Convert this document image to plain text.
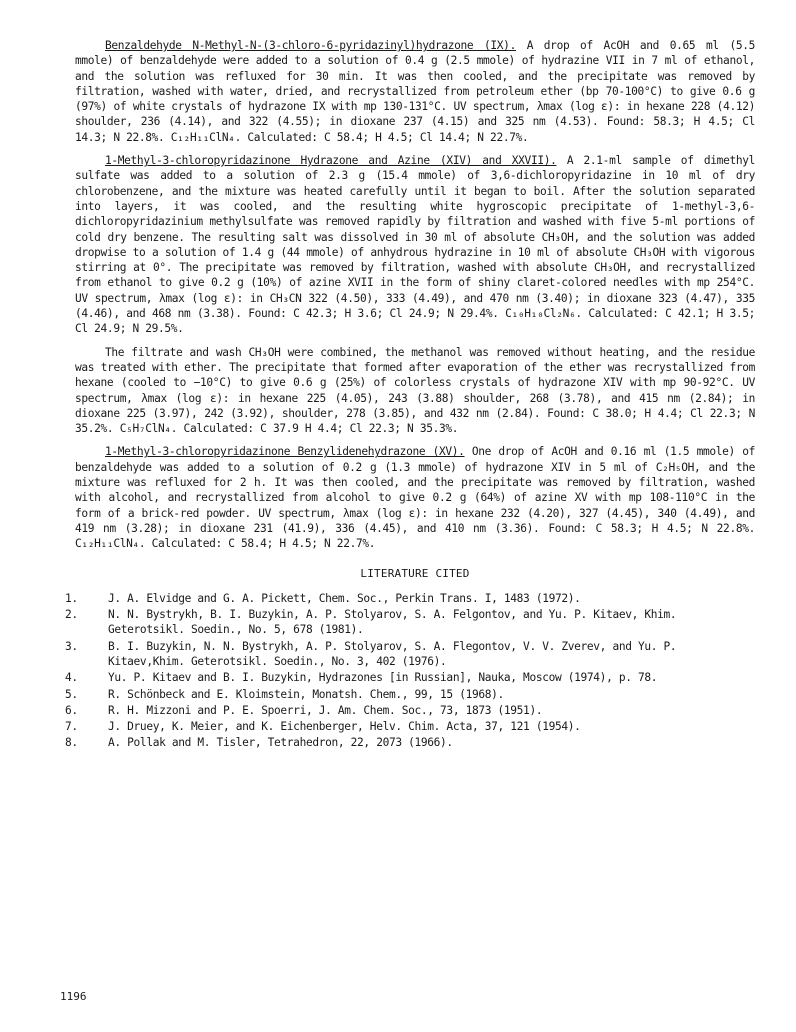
Benzaldehyde N-Methyl-N-(3-chloro-6-pyridazinyl)hydrazone (IX). A drop of AcOH and 0.65 ml (5.5 mmole) of benzaldehyde were added to a solution of 0.4 g (2.5 mmole) of hydrazine VII in 7 ml of ethanol, and the solution was refluxed for 30 min. It was then cooled, and the precipitate was removed by filtration, washed with water, dried, and recrystallized from petroleum ether (bp 70-100°C) to give 0.6 g (97%) of white crystals of hydrazone IX with mp 130-131°C. UV spectrum, λmax (log ε): in hexane 228 (4.12) shoulder, 236 (4.14), and 322 (4.55); in dioxane 237 (4.15) and 325 nm (4.53). Found: 58.3; H 4.5; Cl 14.3; N 22.8%. C₁₂H₁₁ClN₄. Calculated: C 58.4; H 4.5; Cl 14.4; N 22.7%.

1-Methyl-3-chloropyridazinone Hydrazone and Azine (XIV) and XXVII). A 2.1-ml sample of dimethyl sulfate was added to a solution of 2.3 g (15.4 mmole) of 3,6-dichloropyridazine in 10 ml of dry chlorobenzene, and the mixture was heated carefully until it began to boil. After the solution separated into layers, it was cooled, and the resulting white hygroscopic precipitate of 1-methyl-3,6-dichloropyridazinium methylsulfate was removed rapidly by filtration and washed with five 5-ml portions of cold dry benzene. The resulting salt was dissolved in 30 ml of absolute CH₃OH, and the solution was added dropwise to a solution of 1.4 g (44 mmole) of anhydrous hydrazine in 10 ml of absolute CH₃OH with vigorous stirring at 0°. The precipitate was removed by filtration, washed with absolute CH₃OH, and recrystallized from ethanol to give 0.2 g (10%) of azine XVII in the form of shiny claret-colored needles with mp 254°C. UV spectrum, λmax (log ε): in CH₃CN 322 (4.50), 333 (4.49), and 470 nm (3.40); in dioxane 323 (4.47), 335 (4.46), and 468 nm (3.38). Found: C 42.3; H 3.6; Cl 24.9; N 29.4%. C₁₀H₁₀Cl₂N₆. Calculated: C 42.1; H 3.5; Cl 24.9; N 29.5%.

The filtrate and wash CH₃OH were combined, the methanol was removed without heating, and the residue was treated with ether. The precipitate that formed after evaporation of the ether was recrystallized from hexane (cooled to −10°C) to give 0.6 g (25%) of colorless crystals of hydrazone XIV with mp 90-92°C. UV spectrum, λmax (log ε): in hexane 225 (4.05), 243 (3.88) shoulder, 268 (3.78), and 415 nm (2.84); in dioxane 225 (3.97), 242 (3.92), shoulder, 278 (3.85), and 432 nm (2.84). Found: C 38.0; H 4.4; Cl 22.3; N 35.2%. C₅H₇ClN₄. Calculated: C 37.9 H 4.4; Cl 22.3; N 35.3%.

1-Methyl-3-chloropyridazinone Benzylidenehydrazone (XV). One drop of AcOH and 0.16 ml (1.5 mmole) of benzaldehyde was added to a solution of 0.2 g (1.3 mmole) of hydrazone XIV in 5 ml of C₂H₅OH, and the mixture was refluxed for 2 h. It was then cooled, and the precipitate was removed by filtration, washed with alcohol, and recrystallized from alcohol to give 0.2 g (64%) of azine XV with mp 108-110°C in the form of a brick-red powder. UV spectrum, λmax (log ε): in hexane 232 (4.20), 327 (4.45), 340 (4.49), and 419 nm (3.28); in dioxane 231 (41.9), 336 (4.45), and 410 nm (3.36). Found: C 58.3; H 4.5; N 22.8%. C₁₂H₁₁ClN₄. Calculated: C 58.4; H 4.5; N 22.7%.

LITERATURE CITED
1.	J. A. Elvidge and G. A. Pickett, Chem. Soc., Perkin Trans. I, 1483 (1972).
2.	N. N. Bystrykh, B. I. Buzykin, A. P. Stolyarov, S. A. Felgontov, and Yu. P. Kitaev, Khim. Geterotsikl. Soedin., No. 5, 678 (1981).
3.	B. I. Buzykin, N. N. Bystrykh, A. P. Stolyarov, S. A. Flegontov, V. V. Zverev, and Yu. P. Kitaev,Khim. Geterotsikl. Soedin., No. 3, 402 (1976).
4.	Yu. P. Kitaev and B. I. Buzykin, Hydrazones [in Russian], Nauka, Moscow (1974), p. 78.
5.	R. Schönbeck and E. Kloimstein, Monatsh. Chem., 99, 15 (1968).
6.	R. H. Mizzoni and P. E. Spoerri, J. Am. Chem. Soc., 73, 1873 (1951).
7.	J. Druey, K. Meier, and K. Eichenberger, Helv. Chim. Acta, 37, 121 (1954).
8.	A. Pollak and M. Tisler, Tetrahedron, 22, 2073 (1966).
1196
